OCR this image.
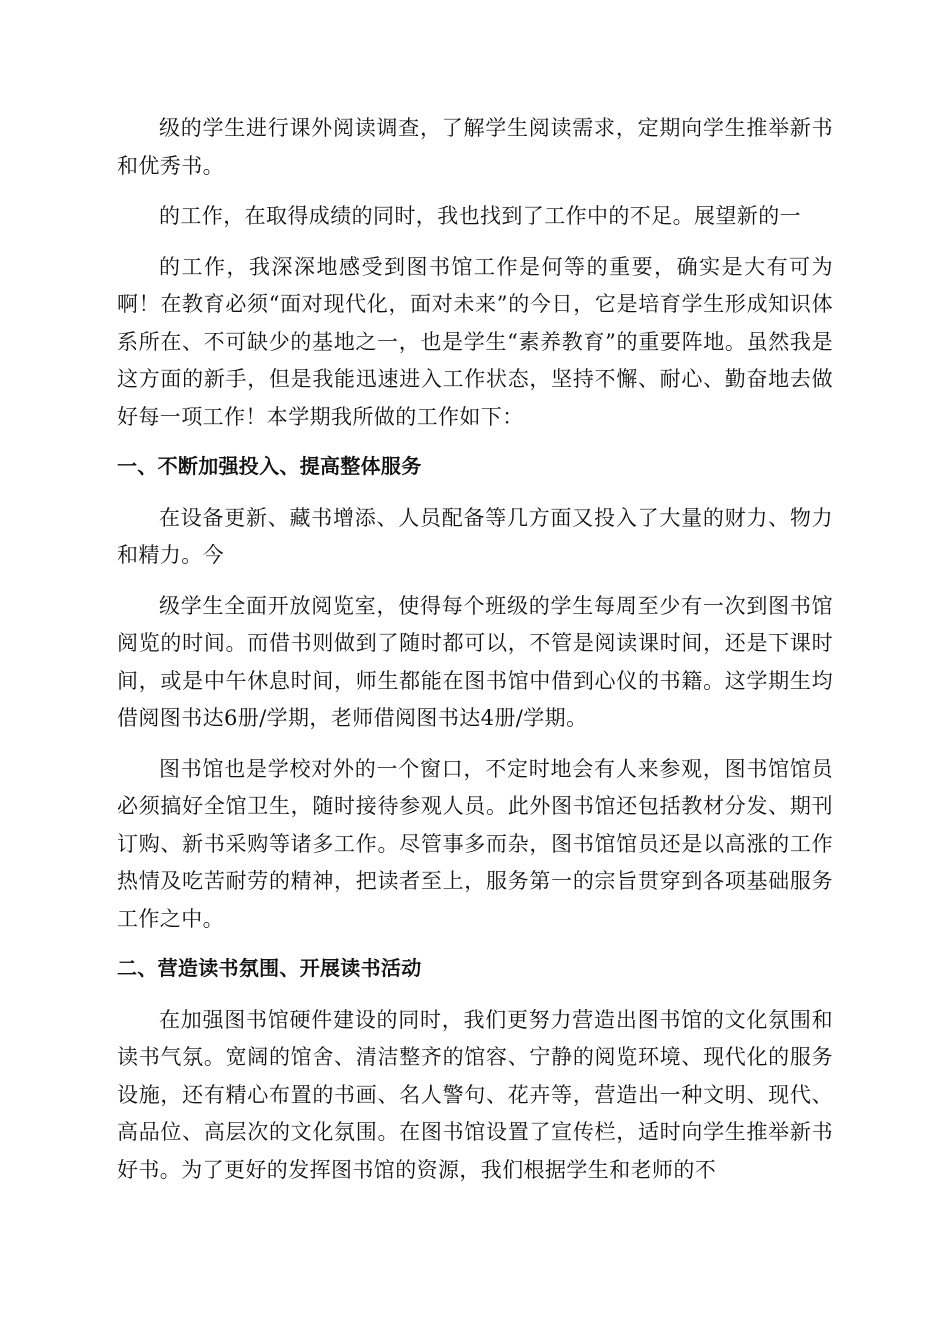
级的学生进行课外阅读调查，了解学生阅读需求，定期向学生推举新书和优秀书。

的工作，在取得成绩的同时，我也找到了工作中的不足。展望新的一

的工作，我深深地感受到图书馆工作是何等的重要，确实是大有可为啊！在教育必须“面对现代化，面对未来”的今日，它是培育学生形成知识体系所在、不可缺少的基地之一，也是学生“素养教育”的重要阵地。虽然我是这方面的新手，但是我能迅速进入工作状态，坚持不懈、耐心、勤奋地去做好每一项工作！本学期我所做的工作如下：

一、不断加强投入、提高整体服务

在设备更新、藏书增添、人员配备等几方面又投入了大量的财力、物力和精力。今

级学生全面开放阅览室，使得每个班级的学生每周至少有一次到图书馆阅览的时间。而借书则做到了随时都可以，不管是阅读课时间，还是下课时间，或是中午休息时间，师生都能在图书馆中借到心仪的书籍。这学期生均借阅图书达6册/学期，老师借阅图书达4册/学期。

图书馆也是学校对外的一个窗口，不定时地会有人来参观，图书馆馆员必须搞好全馆卫生，随时接待参观人员。此外图书馆还包括教材分发、期刊订购、新书采购等诸多工作。尽管事多而杂，图书馆馆员还是以高涨的工作热情及吃苦耐劳的精神，把读者至上，服务第一的宗旨贯穿到各项基础服务工作之中。

二、营造读书氛围、开展读书活动

在加强图书馆硬件建设的同时，我们更努力营造出图书馆的文化氛围和读书气氛。宽阔的馆舍、清洁整齐的馆容、宁静的阅览环境、现代化的服务设施，还有精心布置的书画、名人警句、花卉等，营造出一种文明、现代、高品位、高层次的文化氛围。在图书馆设置了宣传栏，适时向学生推举新书好书。为了更好的发挥图书馆的资源，我们根据学生和老师的不
